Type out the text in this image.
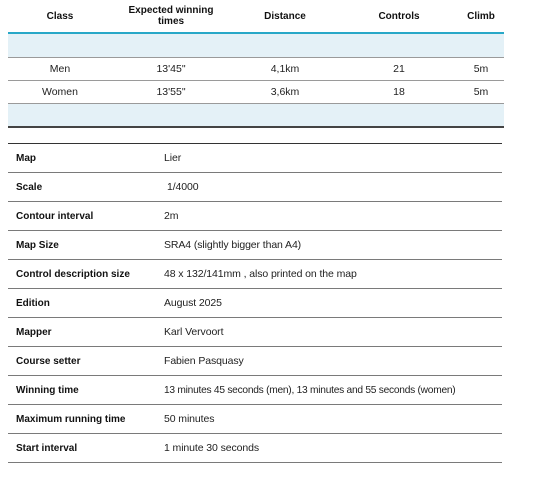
Class	Expected winning times	Distance	Controls	Climb
Men	13'45"	4,1km	21	5m
Women	13'55"	3,6km	18	5m
Map	Lier
Scale	1/4000
Contour interval	2m
Map Size	SRA4 (slightly bigger than A4)
Control description size	48 x 132/141mm , also printed on the map
Edition	August 2025
Mapper	Karl Vervoort
Course setter	Fabien Pasquasy
Winning time	13 minutes 45 seconds (men), 13 minutes and 55 seconds (women)
Maximum running time	50 minutes
Start interval	1 minute 30 seconds
